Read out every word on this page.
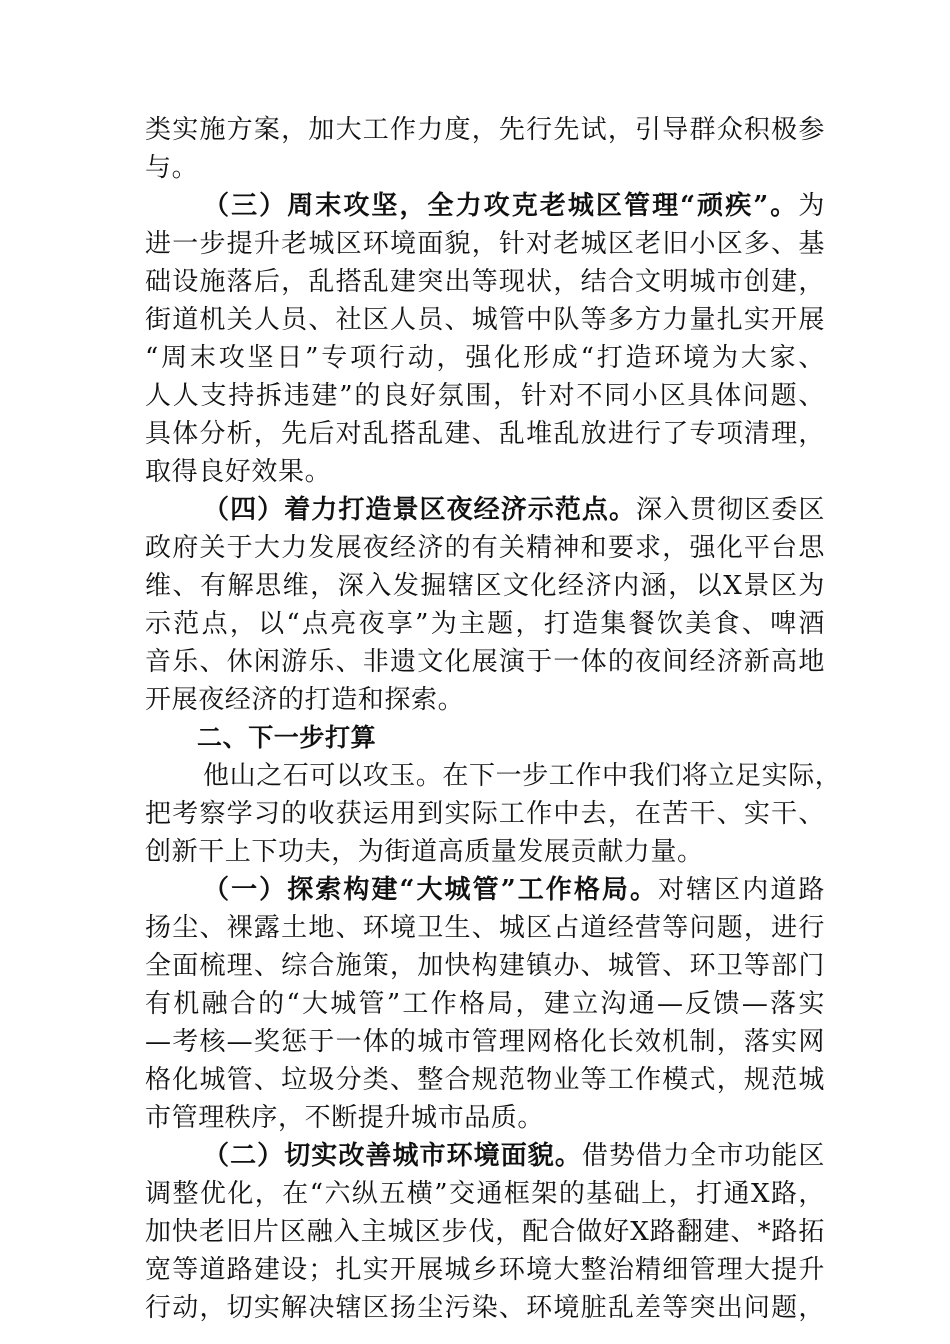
类实施方案，加大工作力度，先行先试，引导群众积极参
与。
（三）周末攻坚，全力攻克老城区管理“顽疾”。为
进一步提升老城区环境面貌，针对老城区老旧小区多、基
础设施落后，乱搭乱建突出等现状，结合文明城市创建，
街道机关人员、社区人员、城管中队等多方力量扎实开展
“周末攻坚日”专项行动，强化形成“打造环境为大家、
人人支持拆违建”的良好氛围，针对不同小区具体问题、
具体分析，先后对乱搭乱建、乱堆乱放进行了专项清理，
取得良好效果。
（四）着力打造景区夜经济示范点。深入贯彻区委区
政府关于大力发展夜经济的有关精神和要求，强化平台思
维、有解思维，深入发掘辖区文化经济内涵，以X景区为
示范点，以“点亮夜享”为主题，打造集餐饮美食、啤酒
音乐、休闲游乐、非遗文化展演于一体的夜间经济新高地
开展夜经济的打造和探索。
二、下一步打算
他山之石可以攻玉。在下一步工作中我们将立足实际，
把考察学习的收获运用到实际工作中去，在苦干、实干、
创新干上下功夫，为街道高质量发展贡献力量。
（一）探索构建“大城管”工作格局。对辖区内道路
扬尘、裸露土地、环境卫生、城区占道经营等问题，进行
全面梳理、综合施策，加快构建镇办、城管、环卫等部门
有机融合的“大城管”工作格局，建立沟通—反馈—落实
—考核—奖惩于一体的城市管理网格化长效机制，落实网
格化城管、垃圾分类、整合规范物业等工作模式，规范城
市管理秩序，不断提升城市品质。
（二）切实改善城市环境面貌。借势借力全市功能区
调整优化，在“六纵五横”交通框架的基础上，打通X路，
加快老旧片区融入主城区步伐，配合做好X路翻建、*路拓
宽等道路建设；扎实开展城乡环境大整治精细管理大提升
行动，切实解决辖区扬尘污染、环境脏乱差等突出问题，
